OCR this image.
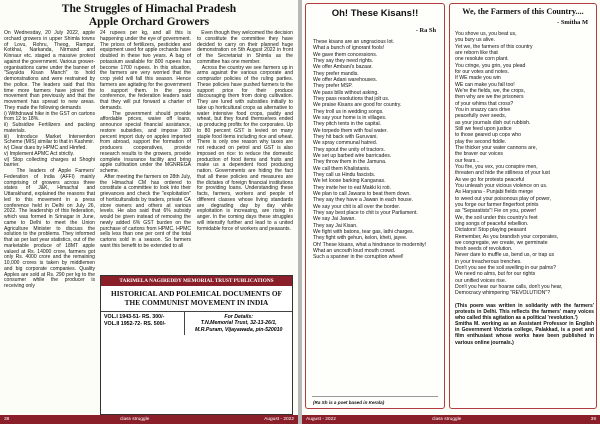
The Struggles of Himachal Pradesh
Apple Orchard Growers
On Wednesday, 20 July 2022, apple orchard growers in upper Shimla towns of Lovu, Rohru, Theog, Rampur, Kotkhai, Narkanda, Nirmand and Kinnaur etc. staged a massive protest against the government. Various grower-organisations came under the banner of "Sayukta Kisan Manch" to hold demonstrations and were restrained by the police. The leaders said that this time more farmers have joined the movement than previously and that the movement has spread to new areas. They made the following demands
i) Withdrawal hike in the GST on cartons from 12 to 18%.
ii) Subsidize Fertilizers and packing materials.
iii) Introduce Market Intervention Scheme (MIS) similar to that in Kashmir.
iv) Clear dues by HPMC and Himfed.
v) Implement APMC Act strictly.
vi) Stop collecting charges at Shoghi barrier.
The leaders of Apple Farmers' Federation of India (AFFI) mainly comprising of growers across three states of J&K, Himachal and Uttarakhand, explained the reasons that led to this movement in a press conference held in Delhi on July 26, 2022. The leadership of this federation, which was formed in Srinagar in June, came to Delhi to meet the Union Agriculture Minister to discuss the solution to the problems. They informed that as per last year statistics, out of the marketable produce of 18MT apple valued at Rs. 14000 crore, farmers got only Rs. 4000 crore and the remaining 10,000 crores is taken by middlemen and big corporate companies. Quality Apples are sold at Rs. 290 per kg to the consumer while the producer is receiving only
24 rupees per kg, and all this is happening under the eye of government. The prices of fertilizers, pesticides and equipment used for apple orchards have doubled in these two years. A bag of potassium available for 800 rupees has become 1700 rupees. In this situation, the farmers are very worried that the crop yield will fall this season. Hence farmers are agitating for the government to support them. In the press conference, the federation leaders said that they will put forward a charter of demands.
The government should provide affordable prices, waive off loans, announce special financial assistance, restore subsidies, and impose 100 percent import duty on apples imported from abroad, support the formation of producers cooperatives, provide research results to the growers, provide complete insurance facility and bring apple cultivation under the MGNREGA scheme.
After meeting the farmers on 28th July, the Himachal CM has ordered to constitute a committee to look into their grievances and check the "exploitation" of horticulturalists by traders, private CA store owners and others at various levels. He also said that 6% subsidy would be given instead of removing the newly added 6% GST burden on the purchase of cartons from HPMC. HPMC sells less than one per cent of the total cartons sold in a season. So farmers want this benefit to be extended to all
Even though they welcomed the decision to constitute the committee they have decided to carry on their planned huge demonstration on 5th August 2022 in front of the Secretariat in Shimla as the committee has one member.
Across the country we see farmers up in arms against the various corporate and comprador policies of the ruling parties. These policies have pushed farmers to the support price for their produce discouraging them from doing cultivation. They are lured with subsidies initially to take up horticultural crops as alternative to water intensive food crops, paddy and wheat, but they found themselves ended up producing profits for the corporates. Up to 80 percent GST is levied on many staple food items including rice and wheat. There is only one reason why taxes are not reduced on petrol and GST is also imposed on rice: to reduce the domestic production of food items and fruits and make us a dependent food producing nation. Governments are hiding the fact that all these policies and measures are the dictates of foreign financial institutions for providing loans. Understanding these facts, farmers, workers and people of different classes whose living standards are degrading day by day while exploitation is increasing, are rising in anger. In the coming days these struggles will intensify further and lead to a united formidable force of workers and peasants.
TARIMELA NAGIREDDY MEMORIAL TRUST PUBLICATIONS
HISTORICAL AND POLEMICAL DOCUMENTS OF THE COMMUNIST MOVEMENT IN INDIA
VOL.I 1943-51- RS. 300/-
VOL.II 1952-72- RS. 500/-
For Details:
T.N.Memorial Trust, 32-13-26/1,
M.R.Puram, Vijayawada, pin-520010
38	class struggle	August - 2022
Oh! These Kisans!!
- Ra Sh
These kisans are an ungracious lot.
What a bunch of ignorant fools!
We gave them concessions.
They say they need rights.
We offer Ambani's bazaar.
They prefer mandis.
We offer Adani warehouses.
They prefer MSP.
We pass bills without asking.
They pass resolutions that jolt us.
We praise Kisans are good for country.
They troll us in wedding songs.
We say your home is in villages.
They pitch tents in the capital.
We torpedo them with foul water.
They hit back with Guruvani.
We spray communal hatred.
They spout the unity of tractors.
We set up barbed wire barricades.
They throw them in the Jamuna.
We call them Khalistanis.
They call us Hindu fascists.
We let loose barking Kanganas.
They invite her to eat Makki ki roti.
We plan to call Jawans to beat them down.
They say they have a Jawan in each house.
We say your chit is all over the border.
They say best place to chit is your Parliament.
We say Jai Jawan.
They say Jai Kisan.
We fight with batons, tear gas, lathi charges.
They fight with gehun, kelon, kheti, jayee.
Oh! These kisans, what a hindrance to modernity!
What an uncouth loud mouth crowd.
Such a spanner in the corruption wheel!
(Ra Sh is a poet based in Kerala)
We, the Farmers of this Country....
- Smitha M
You shove us, you beat us,
you bury us alive.
Yet we, the farmers of this country
are reborn like that
one resolute corn plant.
You cringe, you grin, you plead
for our votes and notes.
If WE made you win
WE can make you fall too!
We're the fields, we, the crops,
then why are we the prisoners
of your whims that cross?
You in snazzy cars drive
peacefully over seeds,
as your journals dish out rubbish.
Still we feed upon justice
to those geared up cops who
play the second fiddle.
The thicker your water cannons are,
the braver our voices
our fears...
You fire, you vex, you conspire men,
threaten and hide the stillness of your lust
As we go for protests peaceful
You unleash your vicious violence on us.
As Haryana - Punjabi fields merge
to weed out your poisonous play of power,
you forge our farmer fingerfoot prints
as "Separatists"! Fie on you, power!
We, the soil under this country's feet
sing songs of peaceful rebellion.
Dictators! Stop playing peasant
Remember, As you brandish your corporates,
we congregate, we create, we germinate
fresh seeds of revolution.
Never dare to muffle us, bend us, or trap us
in your treacherous trenches.
Don't you see the soil swelling in our palms?
We need no alms, but for our rights
our unified voices rise.
Don't you hear our hoarse calls, don't you hear,
Democracy whimpering "REVOLUTION"?
(This poem was written in solidarity with the farmers' protests in Delhi. This reflects the farmers' many voices who called this agitation as a political 'revolution.')
Smitha M. working as an Assistant Professor in English in Government Victoria college, Palakkad, is a poet and film enthusiast whose works have been published in various online journals.)
August - 2022	class struggle	39
